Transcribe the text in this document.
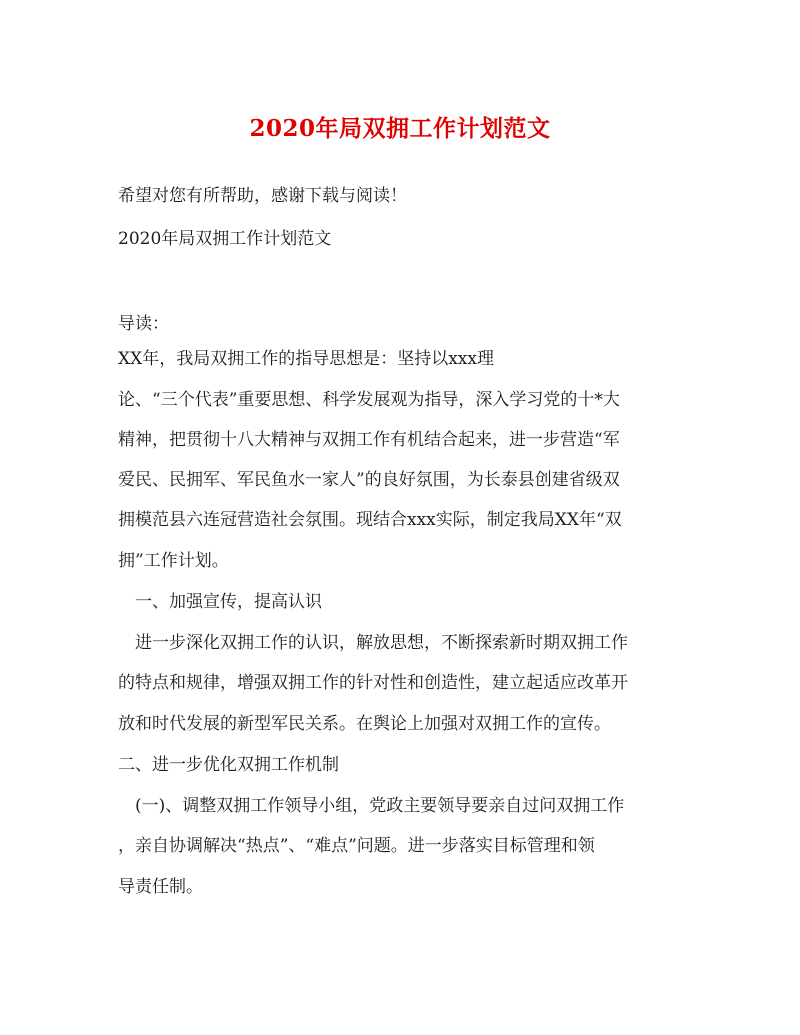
2020年局双拥工作计划范文
希望对您有所帮助，感谢下载与阅读！
2020年局双拥工作计划范文
导读：
XX年，我局双拥工作的指导思想是：坚持以xxx理
论、“三个代表”重要思想、科学发展观为指导，深入学习党的十*大
精神，把贯彻十八大精神与双拥工作有机结合起来，进一步营造“军
爱民、民拥军、军民鱼水一家人”的良好氛围，为长泰县创建省级双
拥模范县六连冠营造社会氛围。现结合xxx实际，制定我局XX年“双
拥”工作计划。
　一、加强宣传，提高认识
　进一步深化双拥工作的认识，解放思想，不断探索新时期双拥工作
的特点和规律，增强双拥工作的针对性和创造性，建立起适应改革开
放和时代发展的新型军民关系。在舆论上加强对双拥工作的宣传。
二、进一步优化双拥工作机制
　(一)、调整双拥工作领导小组，党政主要领导要亲自过问双拥工作
，亲自协调解决“热点”、“难点”问题。进一步落实目标管理和领
导责任制。
